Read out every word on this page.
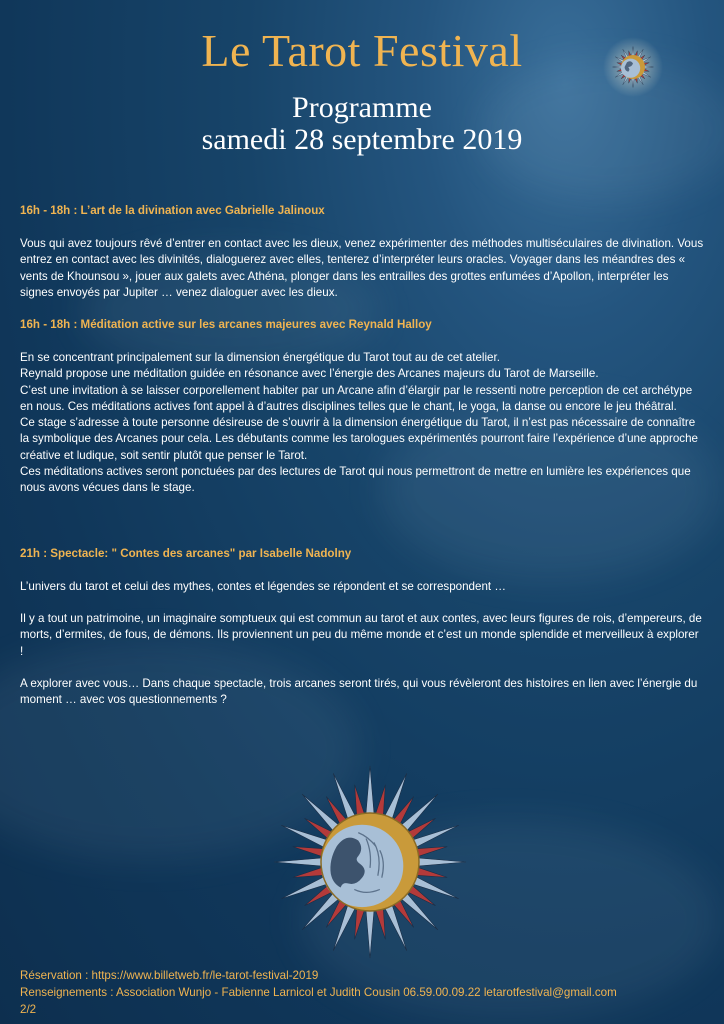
Le Tarot Festival
Programme
samedi 28 septembre 2019
16h - 18h : L’art de la divination avec Gabrielle Jalinoux

Vous qui avez toujours rêvé d’entrer en contact avec les dieux, venez expérimenter des méthodes multiséculaires de divination. Vous entrez en contact avec les divinités, dialoguerez avec elles, tenterez d’interpréter leurs oracles. Voyager dans les méandres des « vents de Khounsou », jouer aux galets avec Athéna, plonger dans les entrailles des grottes enfumées d’Apollon, interpréter les signes envoyés par Jupiter … venez dialoguer avec les dieux.

16h - 18h : Méditation active sur les arcanes majeures avec Reynald Halloy

En se concentrant principalement sur la dimension énergétique du Tarot tout au de cet atelier.

Reynald propose une méditation guidée en résonance avec l’énergie des Arcanes majeurs du Tarot de Marseille.

C’est une invitation à se laisser corporellement habiter par un Arcane afin d’élargir par le ressenti notre perception de cet archétype en nous. Ces méditations actives font appel à d’autres disciplines telles que le chant, le yoga, la danse ou encore le jeu théâtral.

Ce stage s’adresse à toute personne désireuse de s’ouvrir à la dimension énergétique du Tarot, il n’est pas nécessaire de connaître la symbolique des Arcanes pour cela. Les débutants comme les tarologues expérimentés pourront faire l’expérience d’une approche créative et ludique, soit sentir plutôt que penser le Tarot.

Ces méditations actives seront ponctuées par des lectures de Tarot qui nous permettront de mettre en lumière les expériences que nous avons vécues dans le stage.

21h : Spectacle: " Contes des arcanes" par Isabelle Nadolny

L’univers du tarot et celui des mythes, contes et légendes se répondent et se correspondent …

Il y a tout un patrimoine, un imaginaire somptueux qui est commun au tarot et aux contes, avec leurs figures de rois, d’empereurs, de morts, d’ermites, de fous, de démons. Ils proviennent un peu du même monde et c’est un monde splendide et merveilleux à explorer !

A explorer avec vous… Dans chaque spectacle, trois arcanes seront tirés, qui vous révèleront des histoires en lien avec l’énergie du moment … avec vos questionnements ?

Réservation : https://www.billetweb.fr/le-tarot-festival-2019
Renseignements : Association Wunjo - Fabienne Larnicol et Judith Cousin 06.59.00.09.22 letarotfestival@gmail.com
2/2
